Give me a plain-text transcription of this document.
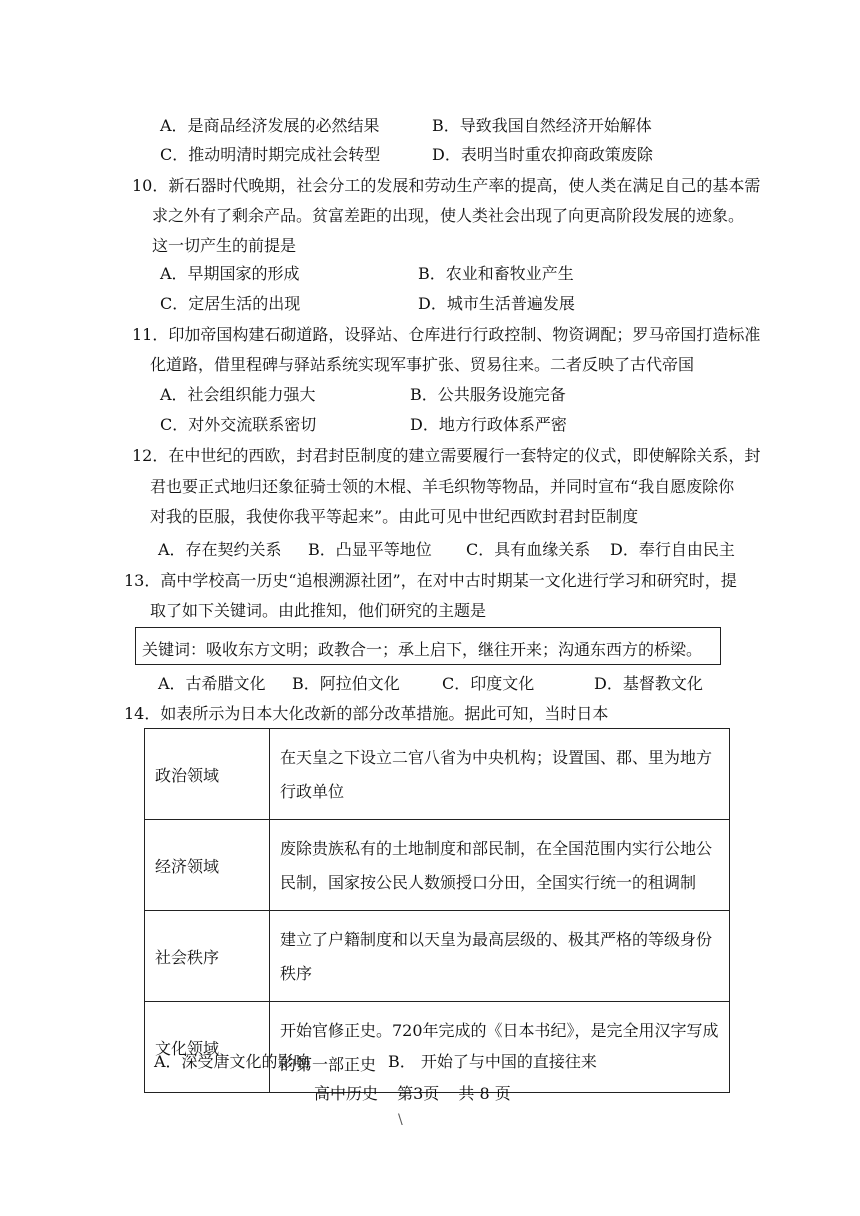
A．是商品经济发展的必然结果	B．导致我国自然经济开始解体
C．推动明清时期完成社会转型	D．表明当时重农抑商政策废除
10．新石器时代晚期，社会分工的发展和劳动生产率的提高，使人类在满足自己的基本需
求之外有了剩余产品。贫富差距的出现，使人类社会出现了向更高阶段发展的迹象。
这一切产生的前提是
A．早期国家的形成	B．农业和畜牧业产生
C．定居生活的出现	D．城市生活普遍发展
11．印加帝国构建石砌道路，设驿站、仓库进行行政控制、物资调配；罗马帝国打造标准
化道路，借里程碑与驿站系统实现军事扩张、贸易往来。二者反映了古代帝国
A．社会组织能力强大	B．公共服务设施完备
C．对外交流联系密切	D．地方行政体系严密
12．在中世纪的西欧，封君封臣制度的建立需要履行一套特定的仪式，即使解除关系，封
君也要正式地归还象征骑士领的木棍、羊毛织物等物品，并同时宣布“我自愿废除你
对我的臣服，我使你我平等起来”。由此可见中世纪西欧封君封臣制度
A．存在契约关系 B．凸显平等地位 C．具有血缘关系 D．奉行自由民主
13．高中学校高一历史“追根溯源社团”，在对中古时期某一文化进行学习和研究时，提
取了如下关键词。由此推知，他们研究的主题是
关键词：吸收东方文明；政教合一；承上启下，继往开来；沟通东西方的桥梁。
A．古希腊文化 B．阿拉伯文化	C．印度文化	D．基督教文化
14．如表所示为日本大化改新的部分改革措施。据此可知，当时日本
政治领域	在天皇之下设立二官八省为中央机构；设置国、郡、里为地方行政单位
经济领域	废除贵族私有的土地制度和部民制，在全国范围内实行公地公民制，国家按公民人数颁授口分田，全国实行统一的租调制
社会秩序	建立了户籍制度和以天皇为最高层级的、极其严格的等级身份秩序
文化领域	开始官修正史。720年完成的《日本书纪》，是完全用汉字写成的第一部正史
A．深受唐文化的影响	B． 开始了与中国的直接往来
高中历史 第3页 共 8 页
\
